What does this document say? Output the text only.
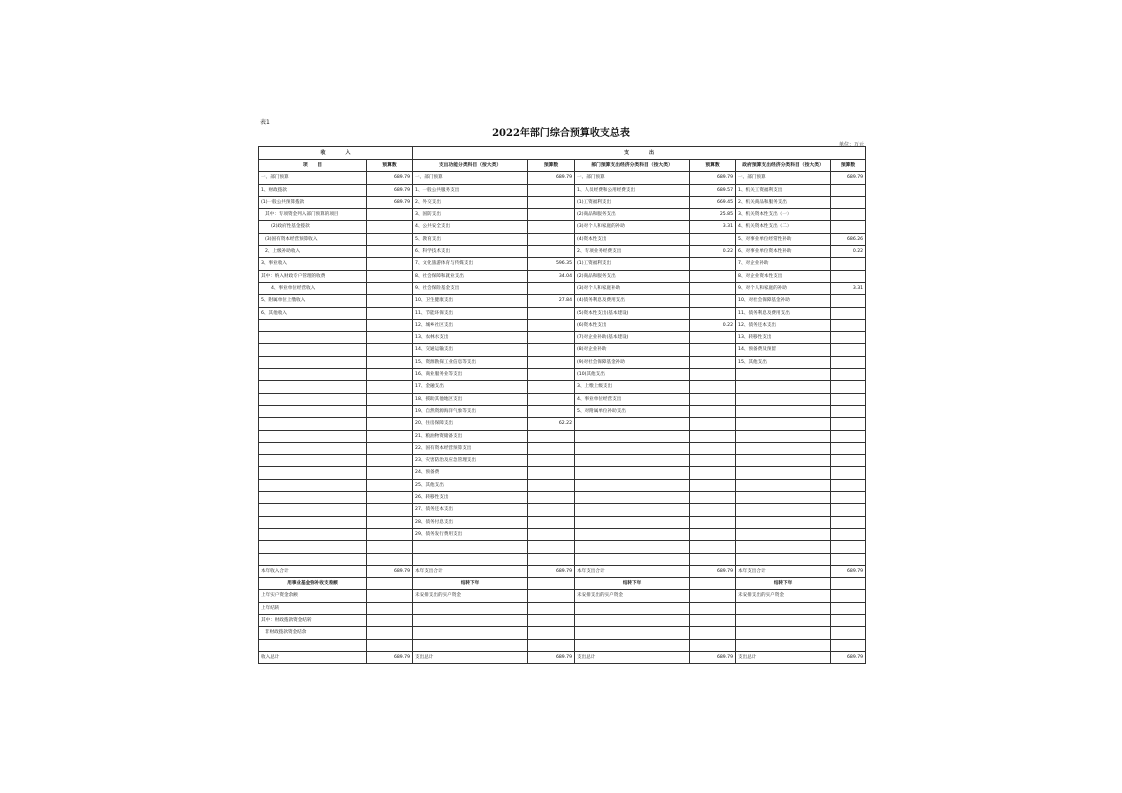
表1
2022年部门综合预算收支总表
单位：万元
收　　　　入		支　　　　出					
项　　目	预算数	支出功能分类科目（按大类）	预算数	部门预算支出经济分类科目（按大类）	预算数	政府预算支出经济分类科目（按大类）	预算数
一、部门预算	689.79	一、部门预算	689.79	一、部门预算	689.79	一、部门预算	689.79
1、财政拨款	689.79	1、一般公共服务支出		1、人员经费和公用经费支出	689.57	1、机关工资福利支出	
(1)一般公共预算拨款	689.79	2、外交支出		(1)工资福利支出	669.45	2、机关商品和服务支出	
其中：专项资金列入部门预算的项目		3、国防支出		(2)商品和服务支出	25.85	3、机关资本性支出（一）	
(2)政府性基金拨款		4、公共安全支出		(3)对个人和家庭的补助	3.31	4、机关资本性支出（二）	
(3)国有资本经营预算收入		5、教育支出		(4)资本性支出		5、对事业单位经常性补助	686.26
2、上级补助收入		6、科学技术支出		2、专项业务经费支出	0.22	6、对事业单位资本性补助	0.22
3、事业收入		7、文化旅游体育与传媒支出	596.35	(1)工资福利支出		7、对企业补助	
其中：纳入财政专户管理的收费		8、社会保障和就业支出	34.04	(2)商品和服务支出		8、对企业资本性支出	
4、事业单位经营收入		9、社会保险基金支出		(3)对个人和家庭补助		9、对个人和家庭的补助	3.31
5、附属单位上缴收入		10、卫生健康支出	27.84	(4)债务利息及费用支出		10、对社会保障基金补助	
6、其他收入		11、节能环保支出		(5)资本性支出(基本建设)		11、债务利息及费用支出	
		12、城乡社区支出		(6)资本性支出	0.22	12、债务还本支出	
		13、农林水支出		(7)对企业补助(基本建设)		13、转移性支出	
		14、交通运输支出		(8)对企业补助		14、预备费及预留	
		15、资源勘探工业信息等支出		(9)对社会保障基金补助		15、其他支出	
		16、商业服务业等支出		(10)其他支出			
		17、金融支出		3、上缴上级支出			
		18、援助其他地区支出		4、事业单位经营支出			
		19、自然资源海洋气象等支出		5、对附属单位补助支出			
		20、住房保障支出	62.22				
		21、粮油物资储备支出					
		22、国有资本经营预算支出					
		23、灾害防治及应急管理支出					
		24、预备费					
		25、其他支出					
		26、转移性支出					
		27、债务还本支出					
		28、债务付息支出					
		29、债务发行费用支出					

本年收入合计	689.79	本年支出合计	689.79	本年支出合计	689.79	本年支出合计	689.79
用事业基金弥补收支差额		结转下年		结转下年		结转下年	
上年实户资金余额		未安排支出的实户资金		未安排支出的实户资金		未安排支出的实户资金	
上年结转							
其中：财政拨款资金结转							
非财政拨款资金结余							

收入总计	689.79	支出总计	689.79	支出总计	689.79	支出总计	689.79
